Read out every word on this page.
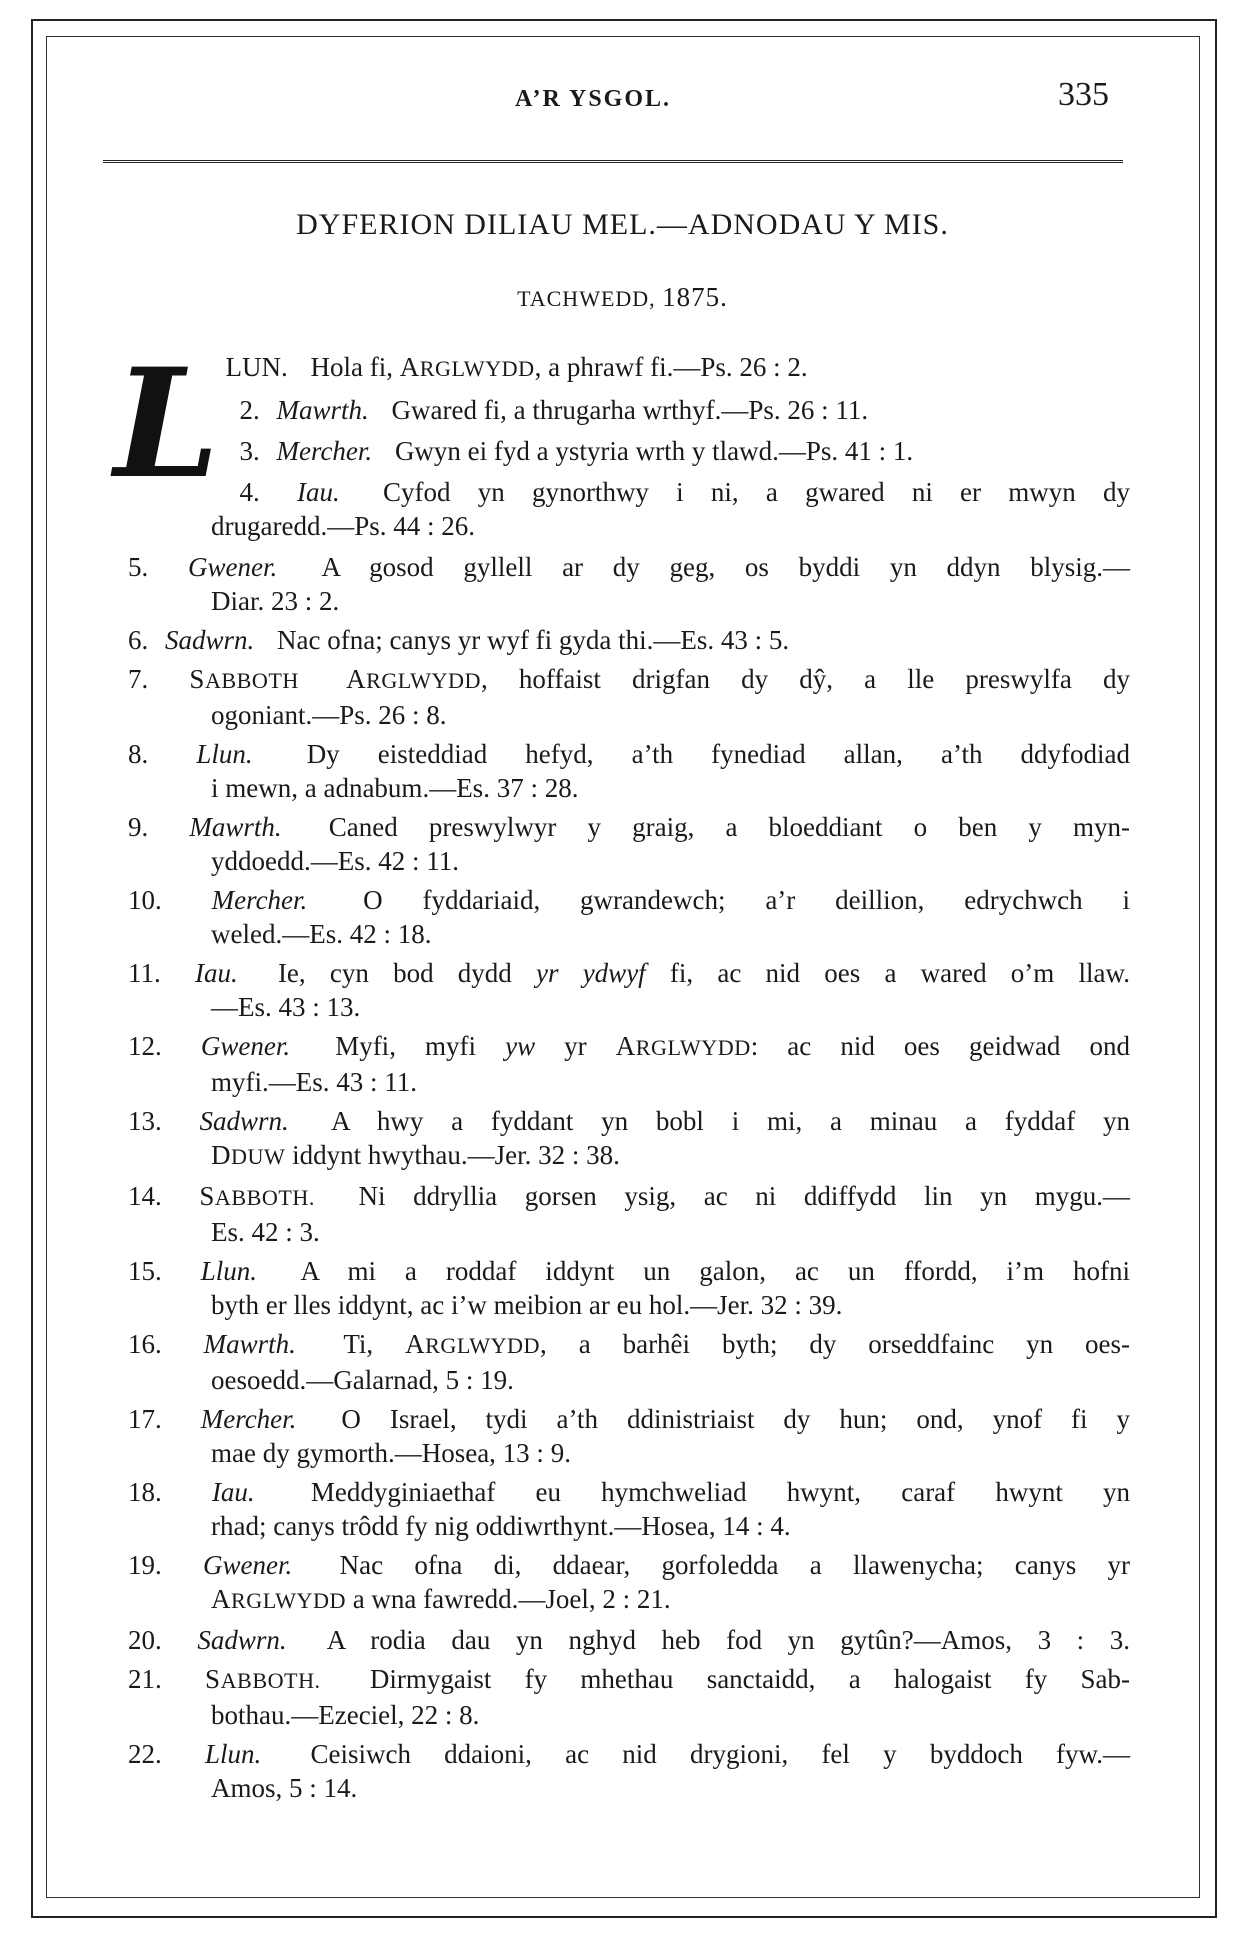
A’R YSGOL.	335
DYFERION DILIAU MEL.—ADNODAU Y MIS.
TACHWEDD, 1875.
L LUN. Hola fi, ARGLWYDD, a phrawf fi.—Ps. 26 : 2.
2. Mawrth. Gwared fi, a thrugarha wrthyf.—Ps. 26 : 11.
3. Mercher. Gwyn ei fyd a ystyria wrth y tlawd.—Ps. 41 : 1.
4. Iau. Cyfod yn gynorthwy i ni, a gwared ni er mwyn dy
drugaredd.—Ps. 44 : 26.
5. Gwener. A gosod gyllell ar dy geg, os byddi yn ddyn blysig.—
Diar. 23 : 2.
6. Sadwrn. Nac ofna; canys yr wyf fi gyda thi.—Es. 43 : 5.
7. SABBOTH ARGLWYDD, hoffaist drigfan dy dŷ, a lle preswylfa dy
ogoniant.—Ps. 26 : 8.
8. Llun. Dy eisteddiad hefyd, a’th fynediad allan, a’th ddyfodiad
i mewn, a adnabum.—Es. 37 : 28.
9. Mawrth. Caned preswylwyr y graig, a bloeddiant o ben y myn-
yddoedd.—Es. 42 : 11.
10. Mercher. O fyddariaid, gwrandewch; a’r deillion, edrychwch i
weled.—Es. 42 : 18.
11. Iau. Ie, cyn bod dydd yr ydwyf fi, ac nid oes a wared o’m llaw.
—Es. 43 : 13.
12. Gwener. Myfi, myfi yw yr ARGLWYDD: ac nid oes geidwad ond
myfi.—Es. 43 : 11.
13. Sadwrn. A hwy a fyddant yn bobl i mi, a minau a fyddaf yn
DDUW iddynt hwythau.—Jer. 32 : 38.
14. SABBOTH. Ni ddryllia gorsen ysig, ac ni ddiffydd lin yn mygu.—
Es. 42 : 3.
15. Llun. A mi a roddaf iddynt un galon, ac un ffordd, i’m hofni
byth er lles iddynt, ac i’w meibion ar eu hol.—Jer. 32 : 39.
16. Mawrth. Ti, ARGLWYDD, a barhêi byth; dy orseddfainc yn oes-
oesoedd.—Galarnad, 5 : 19.
17. Mercher. O Israel, tydi a’th ddinistriaist dy hun; ond, ynof fi y
mae dy gymorth.—Hosea, 13 : 9.
18. Iau. Meddyginiaethaf eu hymchweliad hwynt, caraf hwynt yn
rhad; canys trôdd fy nig oddiwrthynt.—Hosea, 14 : 4.
19. Gwener. Nac ofna di, ddaear, gorfoledda a llawenycha; canys yr
ARGLWYDD a wna fawredd.—Joel, 2 : 21.
20. Sadwrn. A rodia dau yn nghyd heb fod yn gytûn?—Amos, 3 : 3.
21. SABBOTH. Dirmygaist fy mhethau sanctaidd, a halogaist fy Sab-
bothau.—Ezeciel, 22 : 8.
22. Llun. Ceisiwch ddaioni, ac nid drygioni, fel y byddoch fyw.—
Amos, 5 : 14.
